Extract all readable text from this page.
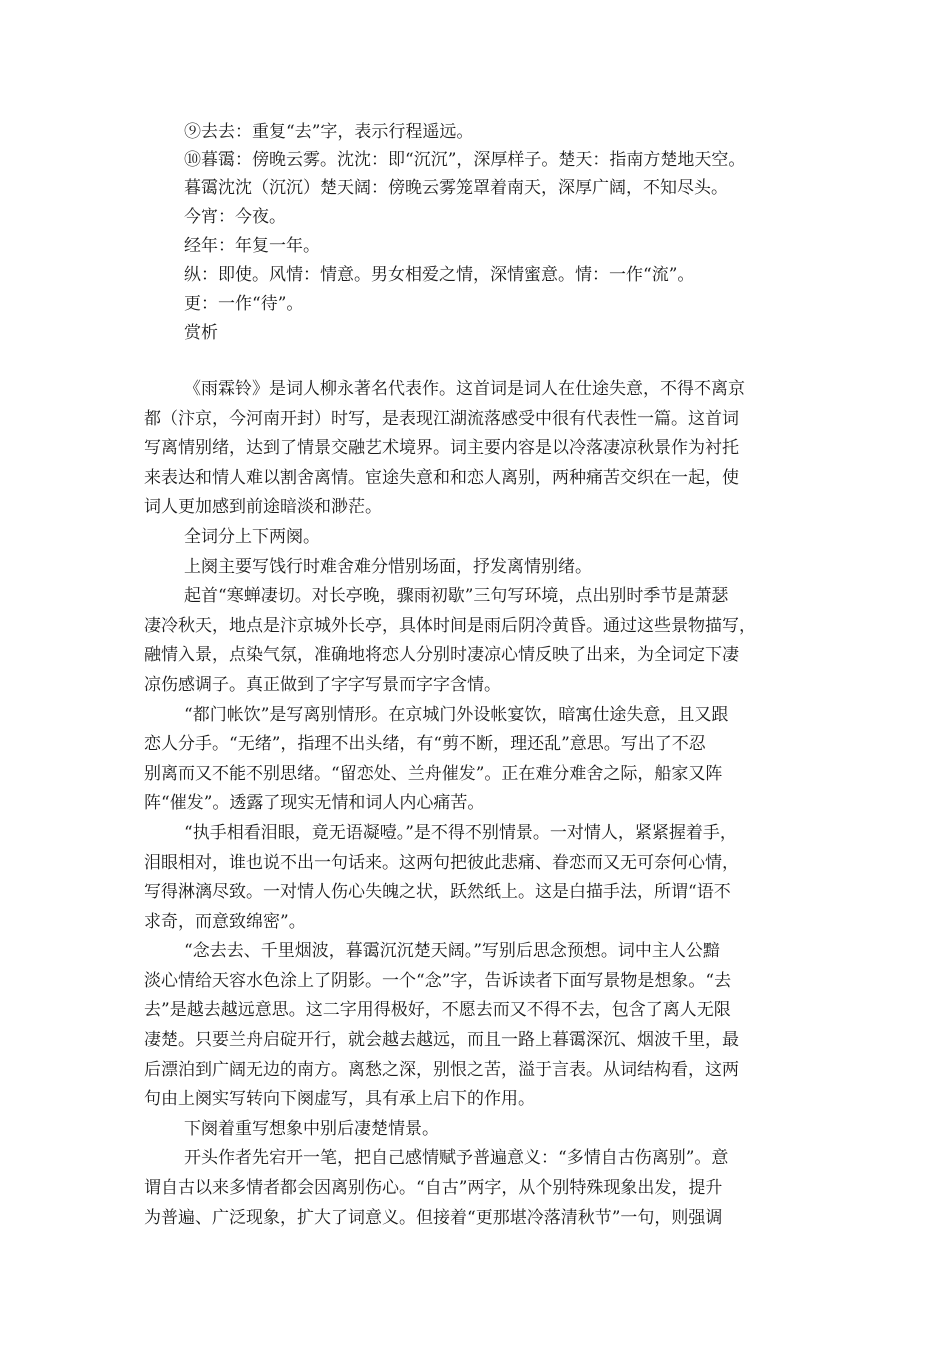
⑨去去：重复“去”字，表示行程遥远。
⑩暮霭：傍晚云雾。沈沈：即“沉沉”，深厚样子。楚天：指南方楚地天空。
暮霭沈沈（沉沉）楚天阔：傍晚云雾笼罩着南天，深厚广阔，不知尽头。
今宵：今夜。
经年：年复一年。
纵：即使。风情：情意。男女相爱之情，深情蜜意。情：一作“流”。
更：一作“待”。
赏析
《雨霖铃》是词人柳永著名代表作。这首词是词人在仕途失意，不得不离京
都（汴京，今河南开封）时写，是表现江湖流落感受中很有代表性一篇。这首词
写离情别绪，达到了情景交融艺术境界。词主要内容是以冷落凄凉秋景作为衬托
来表达和情人难以割舍离情。宦途失意和和恋人离别，两种痛苦交织在一起，使
词人更加感到前途暗淡和渺茫。
全词分上下两阕。
上阕主要写饯行时难舍难分惜别场面，抒发离情别绪。
起首“寒蝉凄切。对长亭晚，骤雨初歇”三句写环境，点出别时季节是萧瑟
凄冷秋天，地点是汴京城外长亭，具体时间是雨后阴冷黄昏。通过这些景物描写，
融情入景，点染气氛，准确地将恋人分别时凄凉心情反映了出来，为全词定下凄
凉伤感调子。真正做到了字字写景而字字含情。
“都门帐饮”是写离别情形。在京城门外设帐宴饮，暗寓仕途失意，且又跟
恋人分手。“无绪”，指理不出头绪，有“剪不断，理还乱”意思。写出了不忍
别离而又不能不别思绪。“留恋处、兰舟催发”。正在难分难舍之际，船家又阵
阵“催发”。透露了现实无情和词人内心痛苦。
“执手相看泪眼，竟无语凝噎。”是不得不别情景。一对情人，紧紧握着手，
泪眼相对，谁也说不出一句话来。这两句把彼此悲痛、眷恋而又无可奈何心情，
写得淋漓尽致。一对情人伤心失魄之状，跃然纸上。这是白描手法，所谓“语不
求奇，而意致绵密”。
“念去去、千里烟波，暮霭沉沉楚天阔。”写别后思念预想。词中主人公黯
淡心情给天容水色涂上了阴影。一个“念”字，告诉读者下面写景物是想象。“去
去”是越去越远意思。这二字用得极好，不愿去而又不得不去，包含了离人无限
凄楚。只要兰舟启碇开行，就会越去越远，而且一路上暮霭深沉、烟波千里，最
后漂泊到广阔无边的南方。离愁之深，别恨之苦，溢于言表。从词结构看，这两
句由上阕实写转向下阕虚写，具有承上启下的作用。
下阕着重写想象中别后凄楚情景。
开头作者先宕开一笔，把自己感情赋予普遍意义：“多情自古伤离别”。意
谓自古以来多情者都会因离别伤心。“自古”两字，从个别特殊现象出发，提升
为普遍、广泛现象，扩大了词意义。但接着“更那堪冷落清秋节”一句，则强调
